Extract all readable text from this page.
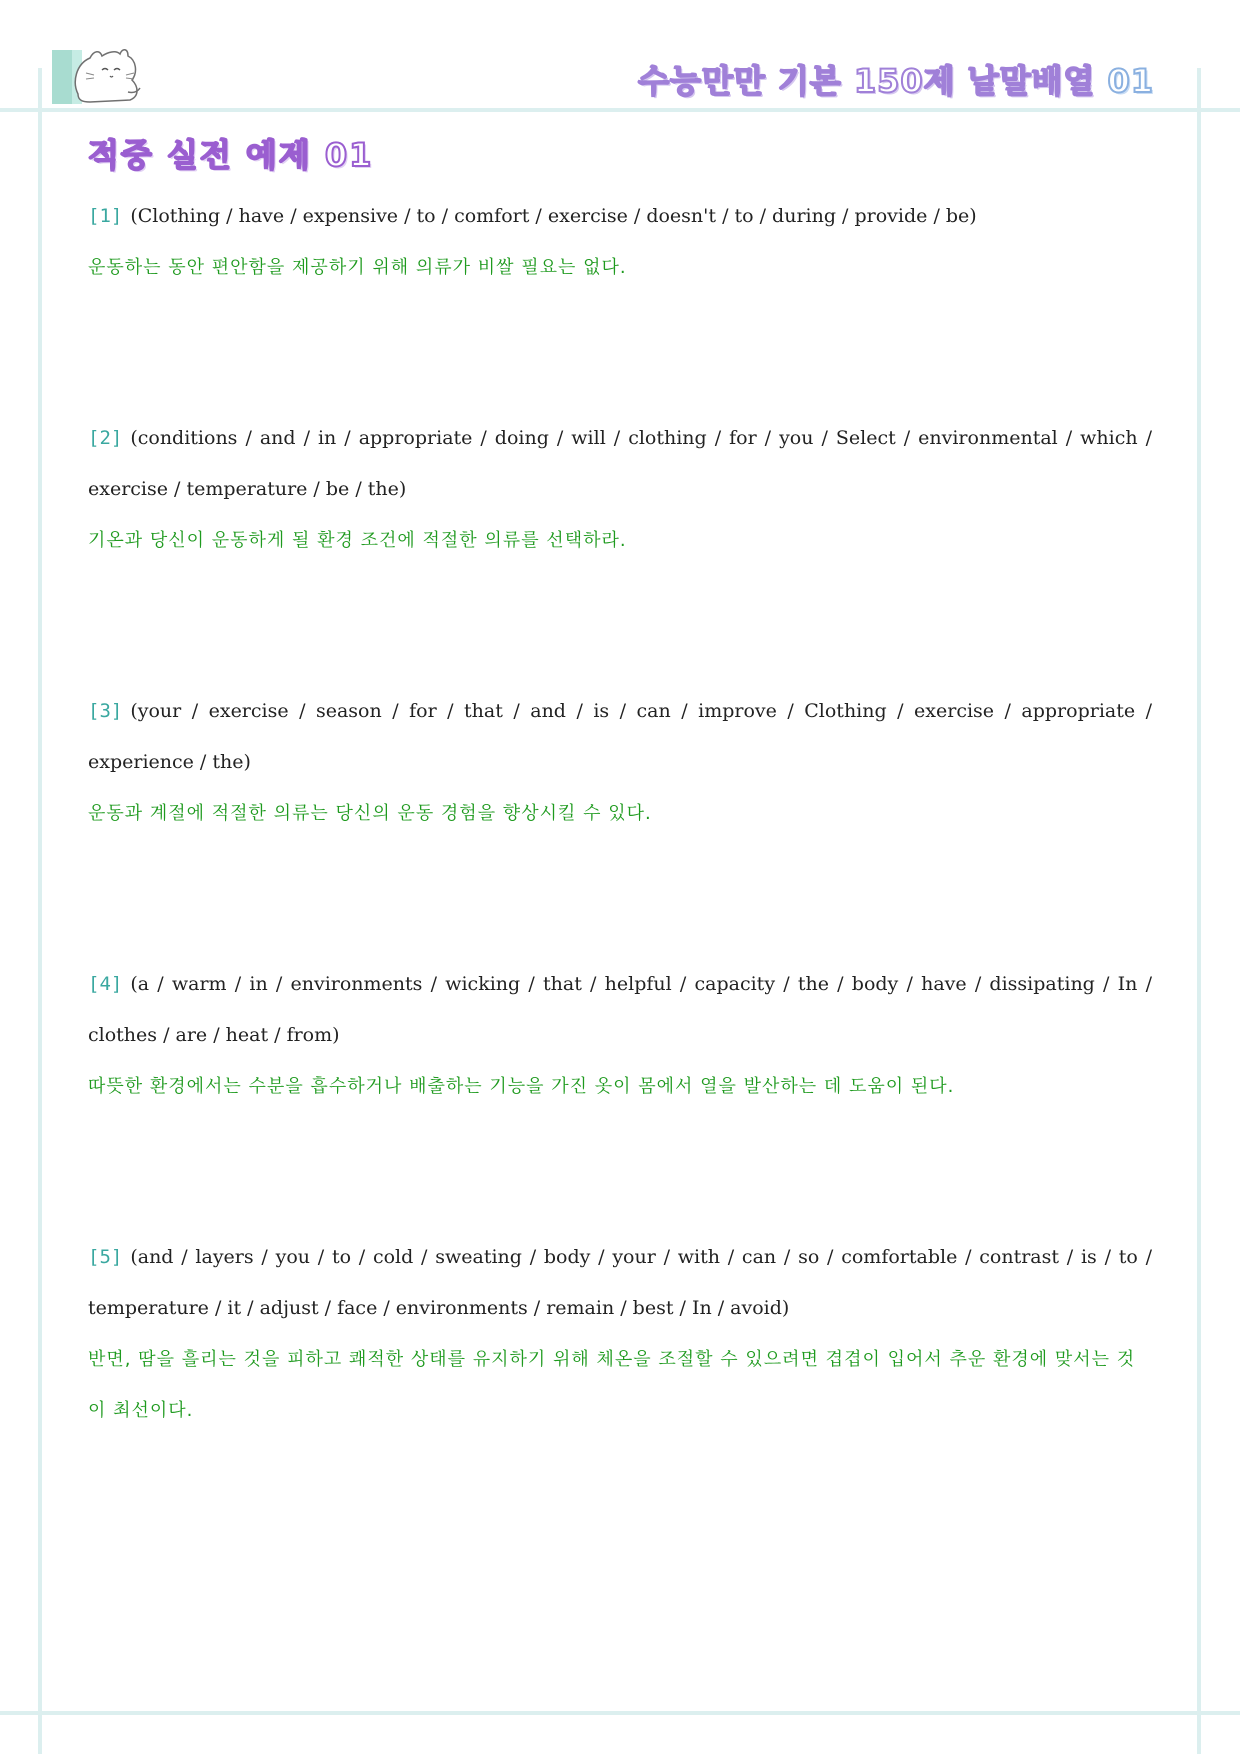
수능만만 기본 150제 낱말배열 01
적중 실전 예제 01

[1] (Clothing / have / expensive / to / comfort / exercise / doesn't / to / during / provide / be)

운동하는 동안 편안함을 제공하기 위해 의류가 비쌀 필요는 없다.

[2] (conditions / and / in / appropriate / doing / will / clothing / for / you / Select / environmental / which / exercise / temperature / be / the)

기온과 당신이 운동하게 될 환경 조건에 적절한 의류를 선택하라.

[3] (your / exercise / season / for / that / and / is / can / improve / Clothing / exercise / appropriate / experience / the)

운동과 계절에 적절한 의류는 당신의 운동 경험을 향상시킬 수 있다.

[4] (a / warm / in / environments / wicking / that / helpful / capacity / the / body / have / dissipating / In / clothes / are / heat / from)

따뜻한 환경에서는 수분을 흡수하거나 배출하는 기능을 가진 옷이 몸에서 열을 발산하는 데 도움이 된다.

[5] (and / layers / you / to / cold / sweating / body / your / with / can / so / comfortable / contrast / is / to / temperature / it / adjust / face / environments / remain / best / In / avoid)

반면, 땀을 흘리는 것을 피하고 쾌적한 상태를 유지하기 위해 체온을 조절할 수 있으려면 겹겹이 입어서 추운 환경에 맞서는 것이 최선이다.
